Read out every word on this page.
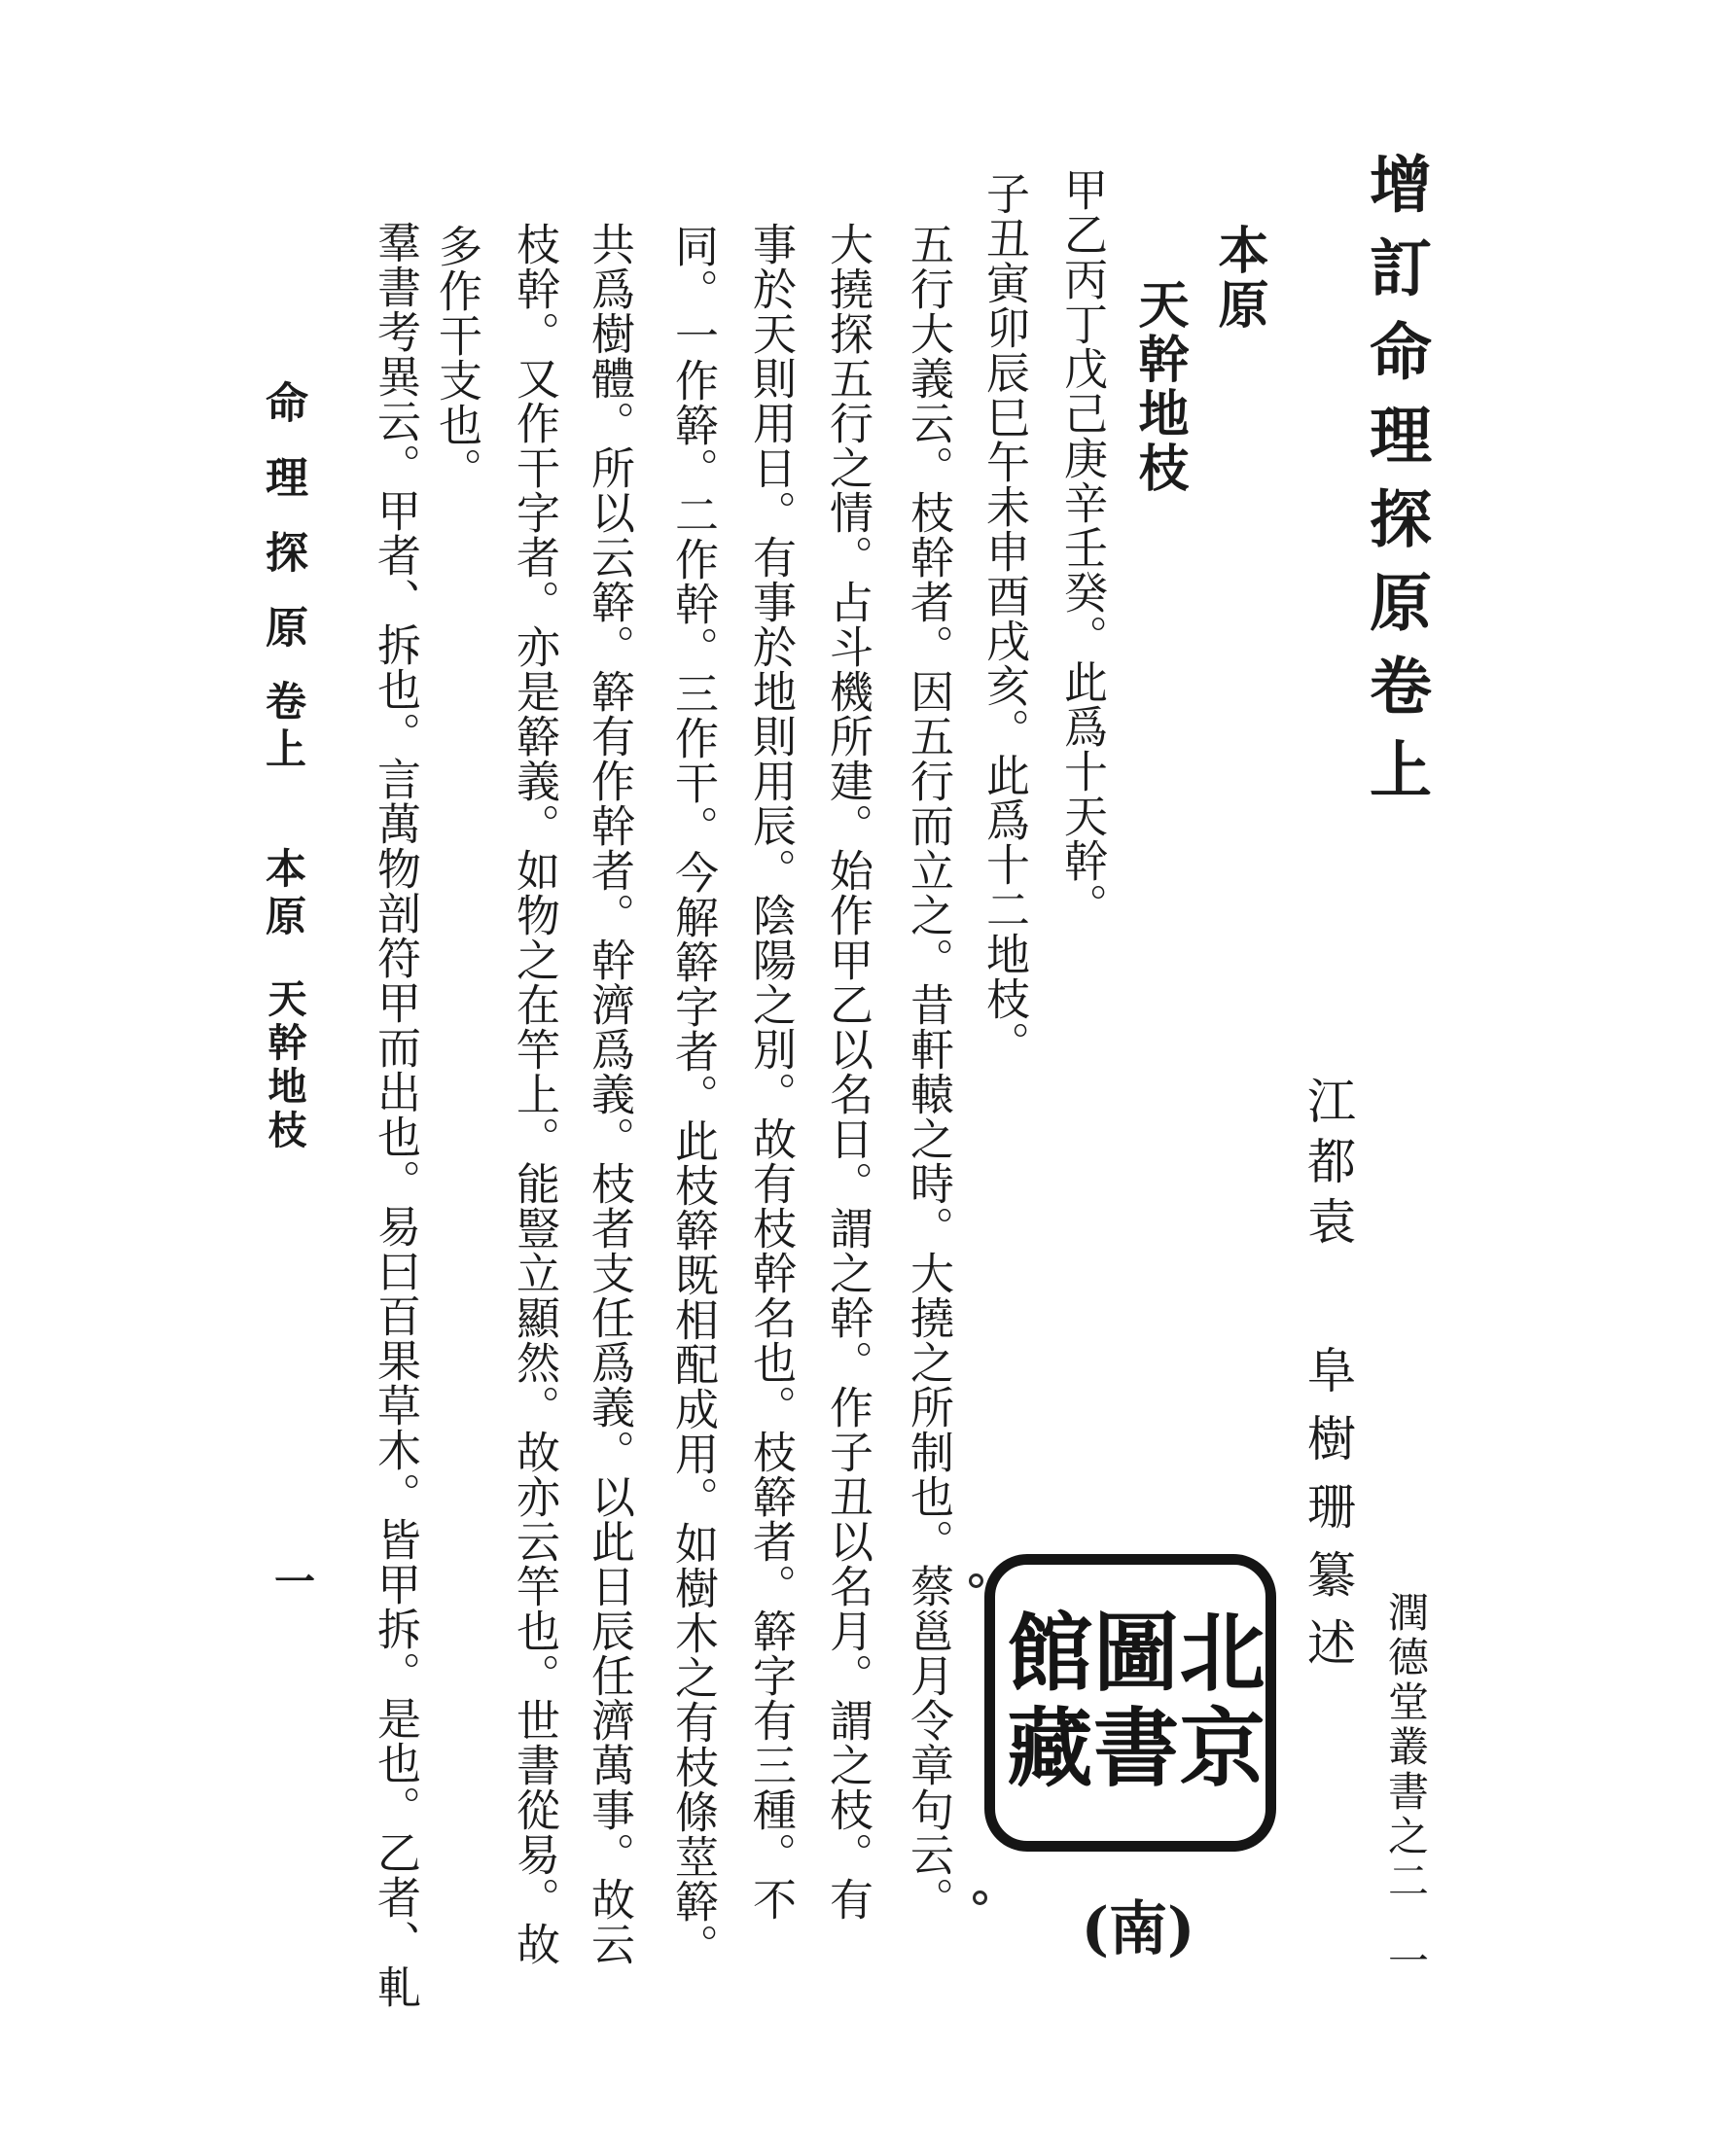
增訂命理探原卷上
潤德堂叢書之二
一
江都袁
阜樹珊纂述
本原
天幹地枝
甲乙丙丁戊己庚辛壬癸。此爲十天幹。
子丑寅卯辰巳午未申酉戌亥。此爲十二地枝。
五行大義云。枝幹者。因五行而立之。昔軒轅之時。大撓之所制也。蔡邕月令章句云。
大撓探五行之情。占斗機所建。始作甲乙以名日。謂之幹。作子丑以名月。謂之枝。有
事於天則用日。有事於地則用辰。陰陽之別。故有枝幹名也。枝簳者。簳字有三種。不
同。一作簳。二作幹。三作干。今解簳字者。此枝簳既相配成用。如樹木之有枝條莖簳。
共爲樹體。所以云簳。簳有作幹者。幹濟爲義。枝者支任爲義。以此日辰任濟萬事。故云
枝幹。又作干字者。亦是簳義。如物之在竿上。能豎立顯然。故亦云竿也。世書從易。故
多作干支也。
羣書考異云。甲者、拆也。言萬物剖符甲而出也。易曰百果草木。皆甲拆。是也。乙者、軋	北京
圖書
館藏
(南)
命理探原
卷上
本原
天幹地枝
一
